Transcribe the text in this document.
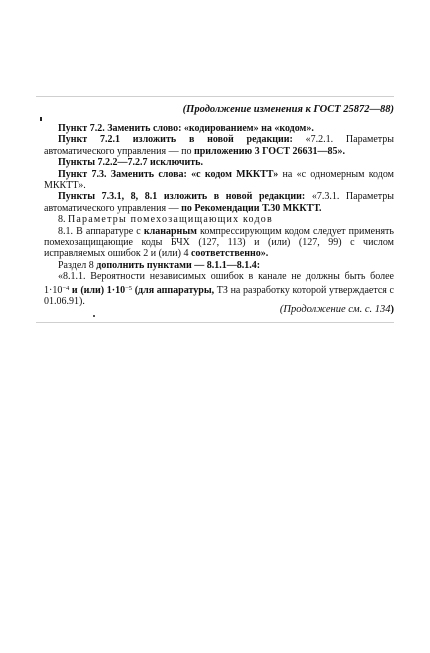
(Продолжение изменения к ГОСТ 25872—88)

Пункт 7.2. Заменить слово: «кодированием» на «кодом».

Пункт 7.2.1 изложить в новой редакции: «7.2.1. Параметры автоматического управления — по приложению 3 ГОСТ 26631—85».

Пункты 7.2.2—7.2.7 исключить.

Пункт 7.3. Заменить слова: «с кодом МККТТ» на «с одномерным кодом МККТТ».

Пункты 7.3.1, 8, 8.1 изложить в новой редакции: «7.3.1. Параметры автоматического управления — по Рекомендации Т.30 МККТТ.

8. Параметры помехозащищающих кодов

8.1. В аппаратуре с кланарным компрессирующим кодом следует применять помехозащищающие коды БЧХ (127, 113) и (или) (127, 99) с числом исправляемых ошибок 2 и (или) 4 соответственно».

Раздел 8 дополнить пунктами — 8.1.1—8.1.4:

«8.1.1. Вероятности независимых ошибок в канале не должны быть более $1\cdot 10^{-4}$ и (или) $1\cdot 10^{-5}$ (для аппаратуры, ТЗ на разработку которой утверждается с 01.06.91).

(Продолжение см. с. 134)
